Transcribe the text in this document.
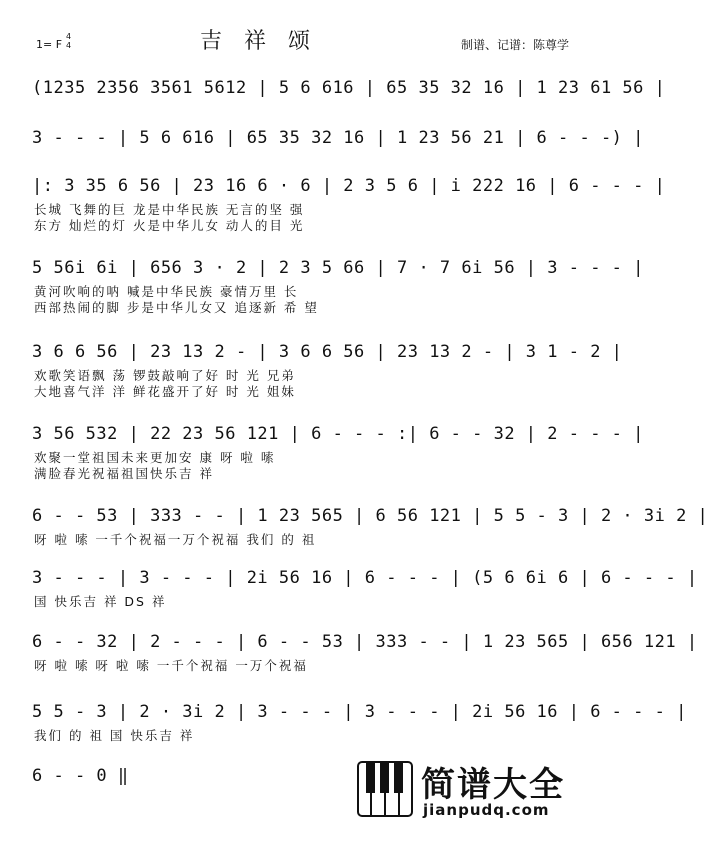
1= F
4
4	吉祥颂	制谱、记谱：陈尊学
(1235 2356 3561 5612 | 5 6 616 | 65 35 32 16 | 1 23 61 56 |
3 - - - | 5 6 616 | 65 35 32 16 | 1 23 56 21 | 6 - - -) |
|: 3 35 6 56 | 23 16 6 · 6 | 2 3 5 6 | i 222 16 | 6 - - - |
长城 飞舞的巨 龙是中华民族 无言的坚 强
东方 灿烂的灯 火是中华儿女 动人的目 光
5 56i 6i | 656 3 · 2 | 2 3 5 66 | 7 · 7 6i 56 | 3 - - - |
黄河吹响的呐 喊是中华民族 豪情万里 长
西部热闹的脚 步是中华儿女又 追逐新 希 望
3 6 6 56 | 23 13 2 - | 3 6 6 56 | 23 13 2 - | 3 1 - 2 |
欢歌笑语飘 荡 锣鼓敲响了好 时 光 兄弟
大地喜气洋 洋 鲜花盛开了好 时 光 姐妹
3 56 532 | 22 23 56 121 | 6 - - - :| 6 - - 32 | 2 - - - |
欢聚一堂祖国未来更加安 康 呀 啦 嗦
满脸春光祝福祖国快乐吉 祥
6 - - 53 | 333 - - | 1 23 565 | 6 56 121 | 5 5 - 3 | 2 · 3i 2 |
呀 啦 嗦 一千个祝福一万个祝福 我们 的 祖
3 - - - | 3 - - - | 2i 56 16 | 6 - - - | (5 6 6i 6 | 6 - - - |
国 快乐吉 祥 DS 祥
6 - - 32 | 2 - - - | 6 - - 53 | 333 - - | 1 23 565 | 656 121 |
呀 啦 嗦 呀 啦 嗦 一千个祝福 一万个祝福
5 5 - 3 | 2 · 3i 2 | 3 - - - | 3 - - - | 2i 56 16 | 6 - - - |
我们 的 祖 国 快乐吉 祥
6 - - 0 ‖	简谱大全
jianpudq.com
